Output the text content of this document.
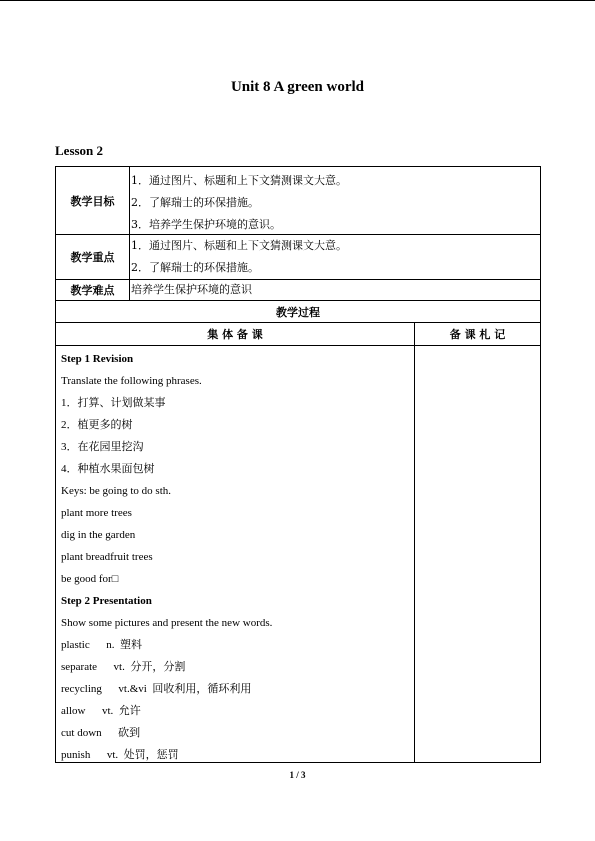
Unit 8 A green world
Lesson 2
教学目标
1．通过图片、标题和上下文猜测课文大意。
2．了解瑞士的环保措施。
3．培养学生保护环境的意识。
教学重点
1．通过图片、标题和上下文猜测课文大意。
2．了解瑞士的环保措施。
教学难点	培养学生保护环境的意识
教学过程
集 体 备 课	备 课 札 记
Step 1 Revision
Translate the following phrases.
1．打算、计划做某事
2．植更多的树
3．在花园里挖沟
4．种植水果面包树
Keys: be going to do sth.
plant more trees
dig in the garden
plant breadfruit trees
be good for□
Step 2 Presentation
Show some pictures and present the new words.
plastic      n.  塑料
separate      vt.  分开，分割
recycling      vt.&vi  回收利用，循环利用
allow      vt.  允许
cut down      砍到
punish      vt.  处罚，惩罚
1 / 3
